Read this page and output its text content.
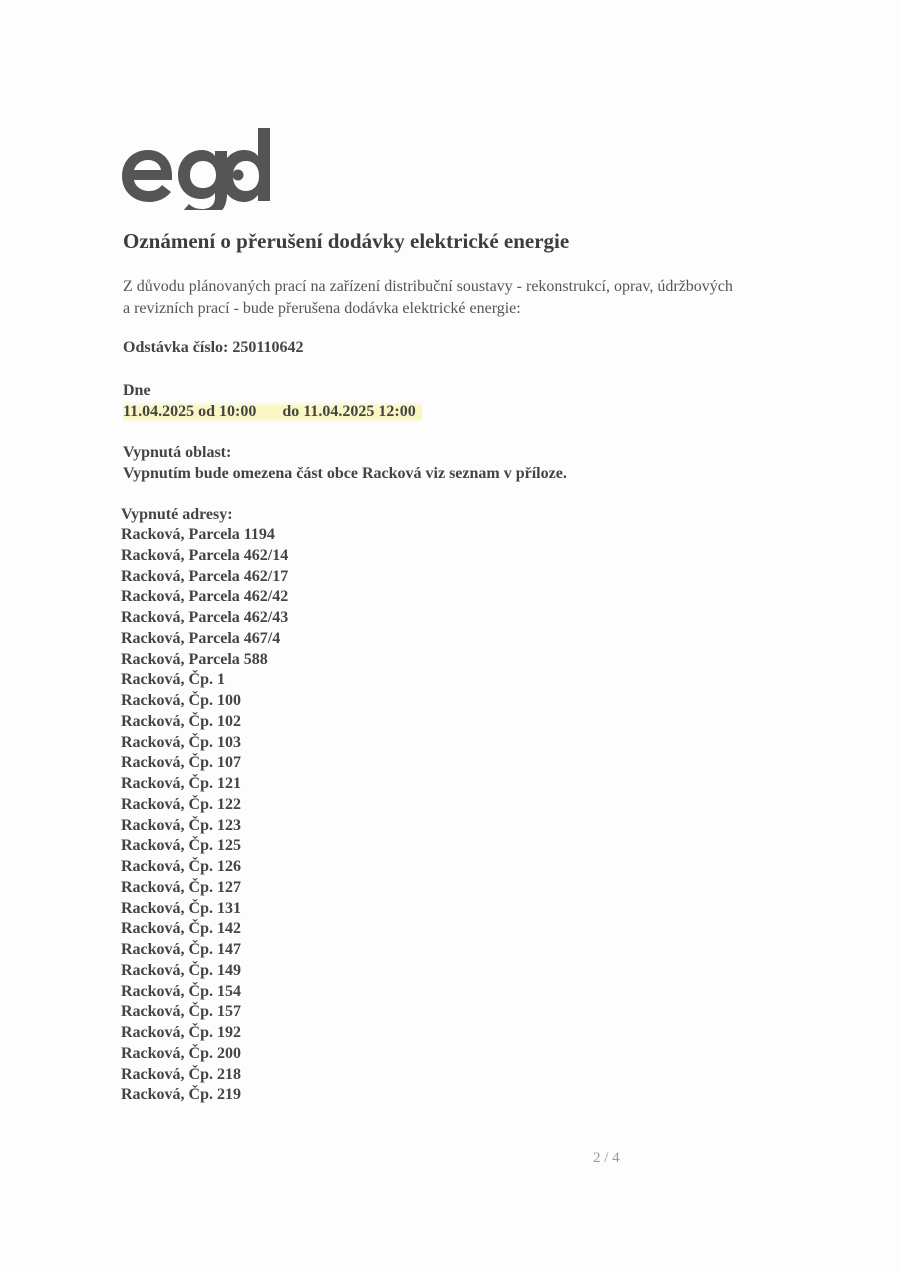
Oznámení o přerušení dodávky elektrické energie
Z důvodu plánovaných prací na zařízení distribuční soustavy - rekonstrukcí, oprav, údržbových a revizních prací - bude přerušena dodávka elektrické energie:
Odstávka číslo: 250110642
Dne
11.04.2025 od 10:00 do 11.04.2025 12:00
Vypnutá oblast:
Vypnutím bude omezena část obce Racková viz seznam v příloze.
Vypnuté adresy:
Racková, Parcela 1194
Racková, Parcela 462/14
Racková, Parcela 462/17
Racková, Parcela 462/42
Racková, Parcela 462/43
Racková, Parcela 467/4
Racková, Parcela 588
Racková, Čp. 1
Racková, Čp. 100
Racková, Čp. 102
Racková, Čp. 103
Racková, Čp. 107
Racková, Čp. 121
Racková, Čp. 122
Racková, Čp. 123
Racková, Čp. 125
Racková, Čp. 126
Racková, Čp. 127
Racková, Čp. 131
Racková, Čp. 142
Racková, Čp. 147
Racková, Čp. 149
Racková, Čp. 154
Racková, Čp. 157
Racková, Čp. 192
Racková, Čp. 200
Racková, Čp. 218
Racková, Čp. 219
2 / 4
